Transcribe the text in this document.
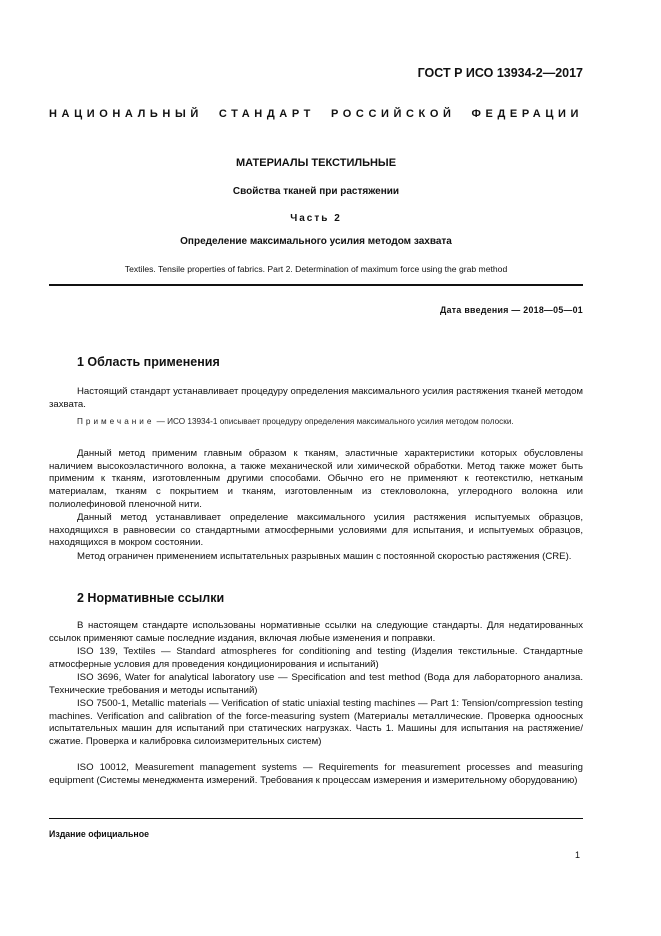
ГОСТ Р ИСО 13934-2—2017
НАЦИОНАЛЬНЫЙ СТАНДАРТ РОССИЙСКОЙ ФЕДЕРАЦИИ
МАТЕРИАЛЫ ТЕКСТИЛЬНЫЕ
Свойства тканей при растяжении
Часть 2
Определение максимального усилия методом захвата
Textiles. Tensile properties of fabrics. Part 2. Determination of maximum force using the grab method
Дата введения — 2018—05—01
1 Область применения

Настоящий стандарт устанавливает процедуру определения максимального усилия растяжения тканей методом захвата.

Примечание — ИСО 13934-1 описывает процедуру определения максимального усилия методом полоски.

Данный метод применим главным образом к тканям, эластичные характеристики которых обусловлены наличием высокоэластичного волокна, а также механической или химической обработки. Метод также может быть применим к тканям, изготовленным другими способами. Обычно его не применяют к геотекстилю, нетканым материалам, тканям с покрытием и тканям, изготовленным из стекловолокна, углеродного волокна или полиолефиновой пленочной нити.

Данный метод устанавливает определение максимального усилия растяжения испытуемых образцов, находящихся в равновесии со стандартными атмосферными условиями для испытания, и испытуемых образцов, находящихся в мокром состоянии.

Метод ограничен применением испытательных разрывных машин с постоянной скоростью растяжения (CRE).

2 Нормативные ссылки

В настоящем стандарте использованы нормативные ссылки на следующие стандарты. Для недатированных ссылок применяют самые последние издания, включая любые изменения и поправки.

ISO 139, Textiles — Standard atmospheres for conditioning and testing (Изделия текстильные. Стандартные атмосферные условия для проведения кондиционирования и испытаний)

ISO 3696, Water for analytical laboratory use — Specification and test method (Вода для лабораторного анализа. Технические требования и методы испытаний)

ISO 7500-1, Metallic materials — Verification of static uniaxial testing machines — Part 1: Tension/compression testing machines. Verification and calibration of the force-measuring system (Материалы металлические. Проверка одноосных испытательных машин для испытаний при статических нагрузках. Часть 1. Машины для испытания на растяжение/сжатие. Проверка и калибровка силоизмерительных систем)

ISO 10012, Measurement management systems — Requirements for measurement processes and measuring equipment (Системы менеджмента измерений. Требования к процессам измерения и измерительному оборудованию)

Издание официальное
1
